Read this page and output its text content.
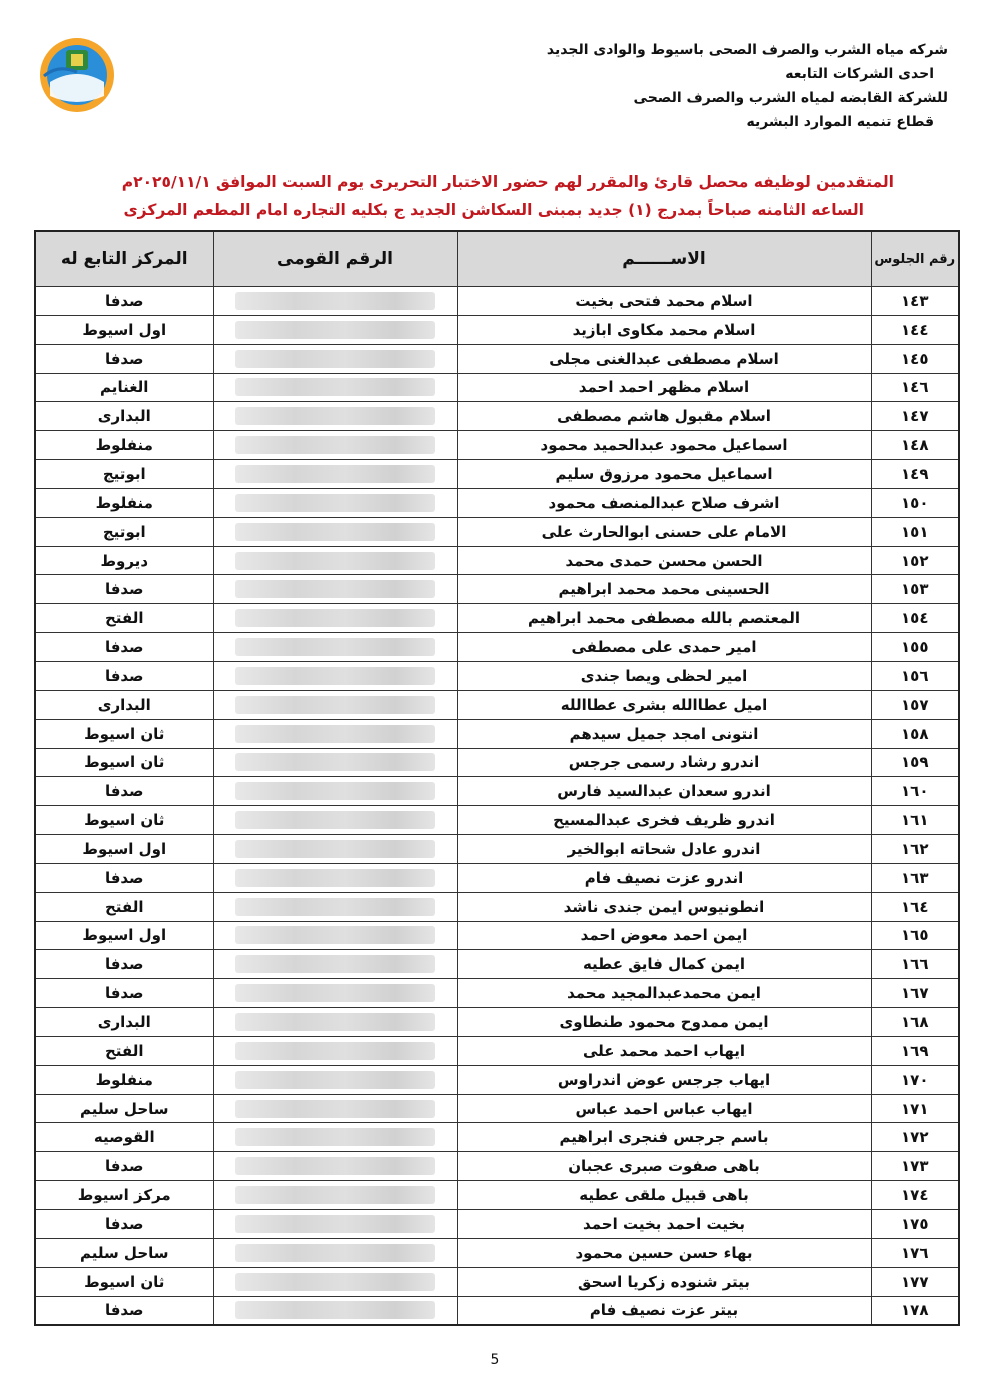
شركه مياه الشرب والصرف الصحى باسيوط والوادى الجديد
احدى الشركات التابعه
للشركة القابضه لمياه الشرب والصرف الصحى
قطاع تنميه الموارد البشريه
المتقدمين لوظيفه محصل قارئ والمقرر لهم حضور الاختبار التحريرى يوم السبت الموافق ٢٠٢٥/١١/١م
الساعه الثامنه صباحاً بمدرج (١) جديد بمبنى السكاشن الجديد ج بكليه التجاره امام المطعم المركزى
رقم الجلوس	الاســــــم	الرقم القومى	المركز التابع له
١٤٣	اسلام محمد فتحى بخيت		صدفا
١٤٤	اسلام محمد مكاوى ابازيد		اول اسيوط
١٤٥	اسلام مصطفى عبدالغنى مجلى		صدفا
١٤٦	اسلام مظهر احمد احمد		الغنايم
١٤٧	اسلام مقبول هاشم مصطفى		البدارى
١٤٨	اسماعيل محمود عبدالحميد محمود		منفلوط
١٤٩	اسماعيل محمود مرزوق سليم		ابوتيج
١٥٠	اشرف صلاح عبدالمنصف محمود		منفلوط
١٥١	الامام على حسنى ابوالحارث على		ابوتيج
١٥٢	الحسن محسن حمدى محمد		ديروط
١٥٣	الحسينى محمد محمد ابراهيم		صدفا
١٥٤	المعتصم بالله مصطفى محمد ابراهيم		الفتح
١٥٥	امير حمدى على مصطفى		صدفا
١٥٦	امير لحظى ويصا جندى		صدفا
١٥٧	اميل عطاالله بشرى عطاالله		البدارى
١٥٨	انتونى امجد جميل سيدهم		ثان اسيوط
١٥٩	اندرو رشاد رسمى جرجس		ثان اسيوط
١٦٠	اندرو سعدان عبدالسيد فارس		صدفا
١٦١	اندرو ظريف فخرى عبدالمسيح		ثان اسيوط
١٦٢	اندرو عادل شحاته ابوالخير		اول اسيوط
١٦٣	اندرو عزت نصيف فام		صدفا
١٦٤	انطونيوس ايمن جندى ناشد		الفتح
١٦٥	ايمن احمد معوض احمد		اول اسيوط
١٦٦	ايمن كمال فايق عطيه		صدفا
١٦٧	ايمن محمدعبدالمجيد محمد		صدفا
١٦٨	ايمن ممدوح محمود طنطاوى		البدارى
١٦٩	ايهاب احمد محمد على		الفتح
١٧٠	ايهاب جرجس عوض اندراوس		منفلوط
١٧١	ايهاب عباس احمد عباس		ساحل سليم
١٧٢	باسم جرجس فنجرى ابراهيم		القوصيه
١٧٣	باهى صفوت صبرى عجبان		صدفا
١٧٤	باهى قبيل ملقى عطيه		مركز اسيوط
١٧٥	بخيت احمد بخيت احمد		صدفا
١٧٦	بهاء حسن حسين محمود		ساحل سليم
١٧٧	بيتر شنوده زكريا اسحق		ثان اسيوط
١٧٨	بيتر عزت نصيف فام		صدفا
5
